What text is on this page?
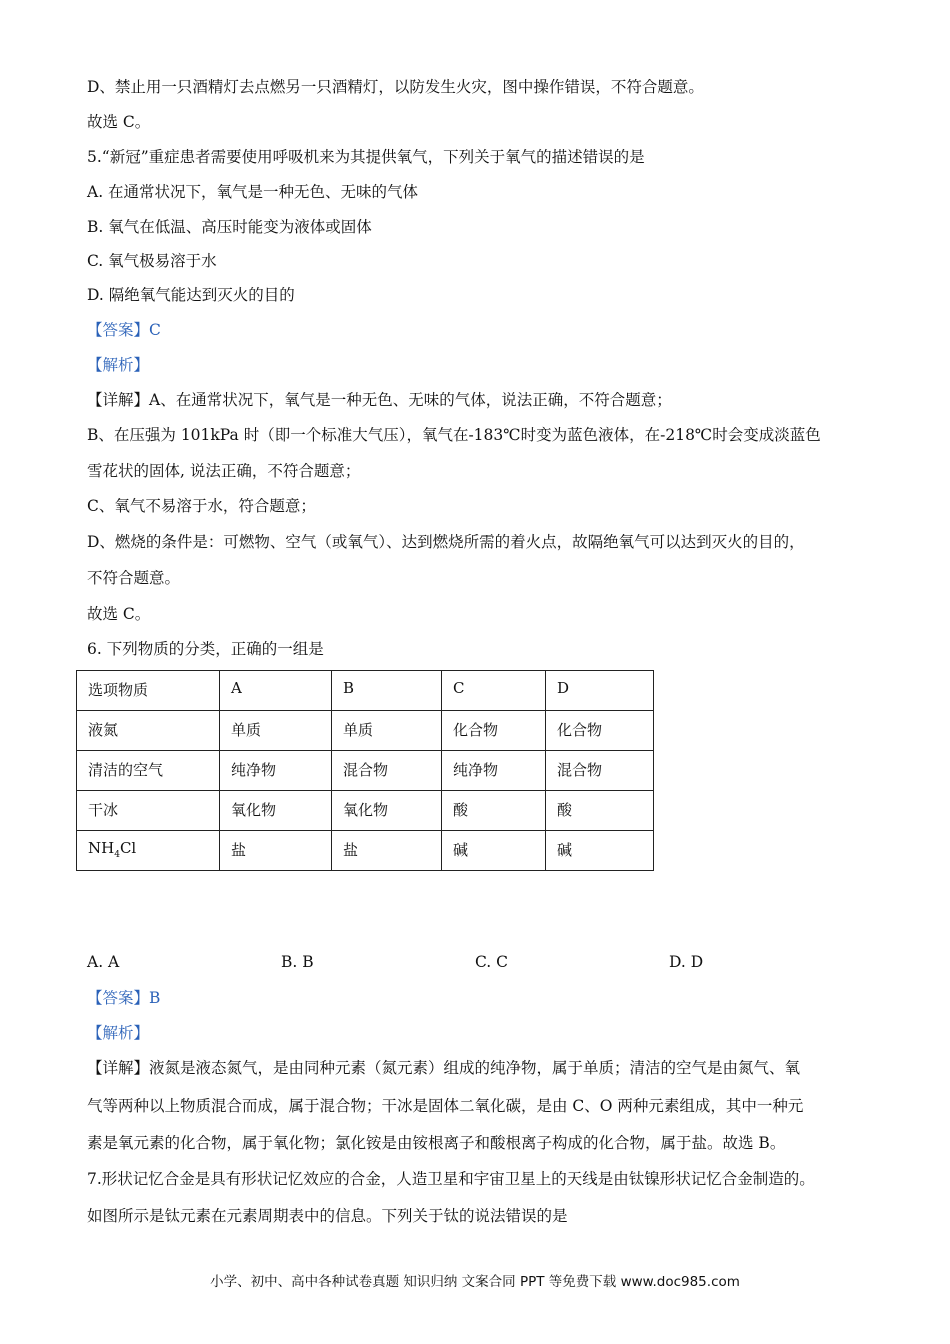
D、禁止用一只酒精灯去点燃另一只酒精灯，以防发生火灾，图中操作错误，不符合题意。
故选 C。
5.“新冠”重症患者需要使用呼吸机来为其提供氧气，下列关于氧气的描述错误的是
A. 在通常状况下，氧气是一种无色、无味的气体
B. 氧气在低温、高压时能变为液体或固体
C. 氧气极易溶于水
D. 隔绝氧气能达到灭火的目的
【答案】C
【解析】
【详解】A、在通常状况下，氧气是一种无色、无味的气体，说法正确，不符合题意；
B、在压强为 101kPa 时（即一个标准大气压），氧气在-183℃时变为蓝色液体，在-218℃时会变成淡蓝色
雪花状的固体, 说法正确，不符合题意；
C、氧气不易溶于水，符合题意；
D、燃烧的条件是：可燃物、空气（或氧气）、达到燃烧所需的着火点，故隔绝氧气可以达到灭火的目的，
不符合题意。
故选 C。
6. 下列物质的分类，正确的一组是
选项物质	A	B	C	D
液氮	单质	单质	化合物	化合物
清洁的空气	纯净物	混合物	纯净物	混合物
干冰	氧化物	氧化物	酸	酸
$NH_4Cl$	盐	盐	碱	碱
A. A	B. B	C. C	D. D
【答案】B
【解析】
【详解】液氮是液态氮气，是由同种元素（氮元素）组成的纯净物，属于单质；清洁的空气是由氮气、氧
气等两种以上物质混合而成，属于混合物；干冰是固体二氧化碳，是由 C、O 两种元素组成，其中一种元
素是氧元素的化合物，属于氧化物；氯化铵是由铵根离子和酸根离子构成的化合物，属于盐。故选 B。
7.形状记忆合金是具有形状记忆效应的合金，人造卫星和宇宙卫星上的天线是由钛镍形状记忆合金制造的。
如图所示是钛元素在元素周期表中的信息。下列关于钛的说法错误的是
小学、初中、高中各种试卷真题 知识归纳 文案合同 PPT 等免费下载 www.doc985.com
